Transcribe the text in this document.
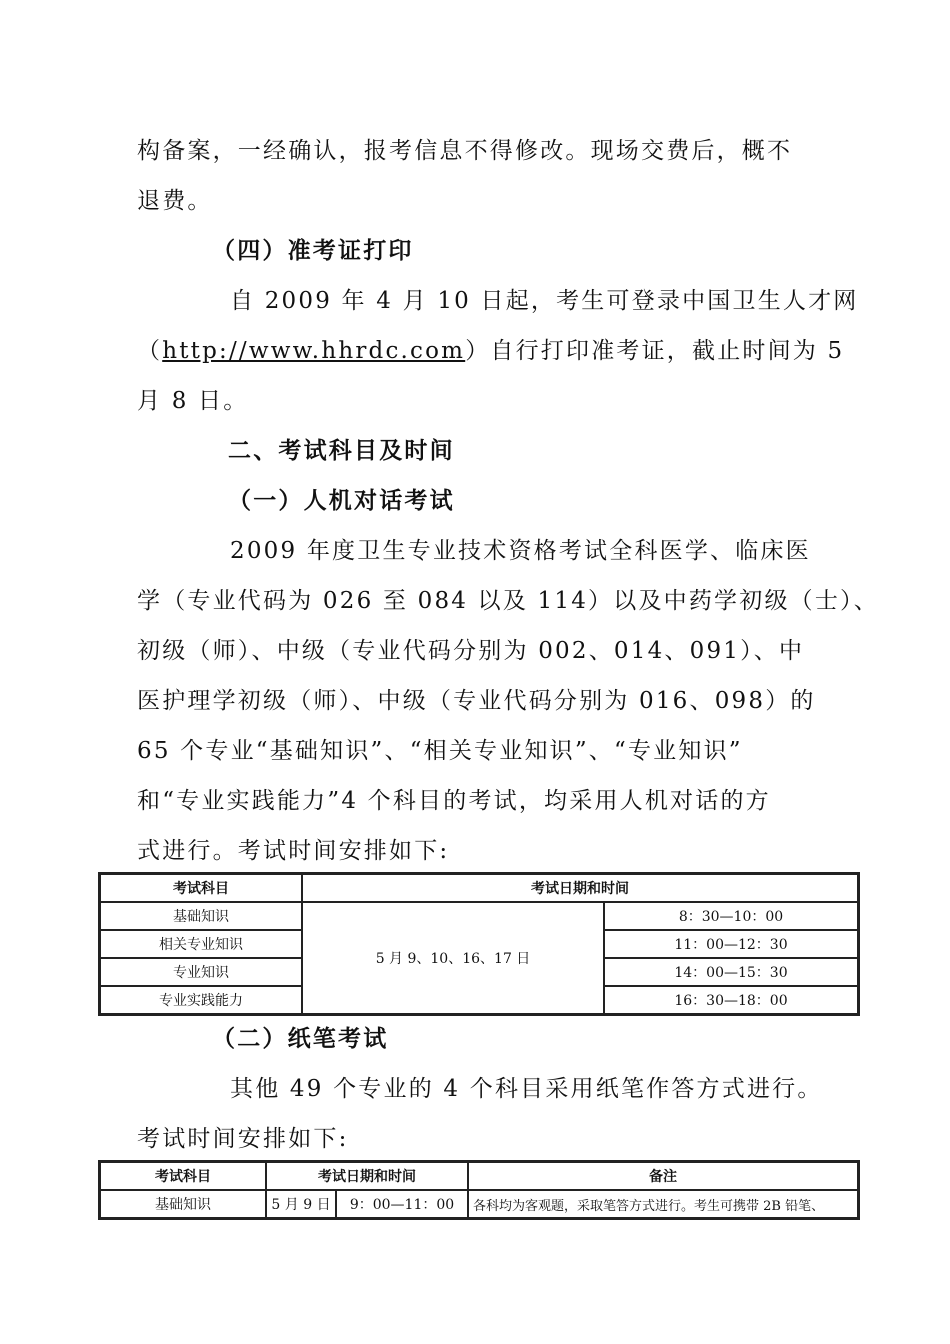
构备案，一经确认，报考信息不得修改。现场交费后，概不
退费。
（四）准考证打印
自 2009 年 4 月 10 日起，考生可登录中国卫生人才网
（http://www.hhrdc.com）自行打印准考证，截止时间为 5
月 8 日。
二、考试科目及时间
（一）人机对话考试
2009 年度卫生专业技术资格考试全科医学、临床医
学（专业代码为 026 至 084 以及 114）以及中药学初级（士）、
初级（师）、中级（专业代码分别为 002、014、091）、中
医护理学初级（师）、中级（专业代码分别为 016、098）的
65 个专业“基础知识”、“相关专业知识”、“专业知识”
和“专业实践能力”4 个科目的考试，均采用人机对话的方
式进行。考试时间安排如下:
考试科目	考试日期和时间	
基础知识	5 月 9、10、16、17 日	8：30—10：00
相关专业知识		11：00—12：30
专业知识		14：00—15：30
专业实践能力		16：30—18：00
（二）纸笔考试
其他 49 个专业的 4 个科目采用纸笔作答方式进行。
考试时间安排如下:
考试科目	考试日期和时间		备注
基础知识	5 月 9 日	9：00—11：00	各科均为客观题，采取笔答方式进行。考生可携带 2B 铅笔、
